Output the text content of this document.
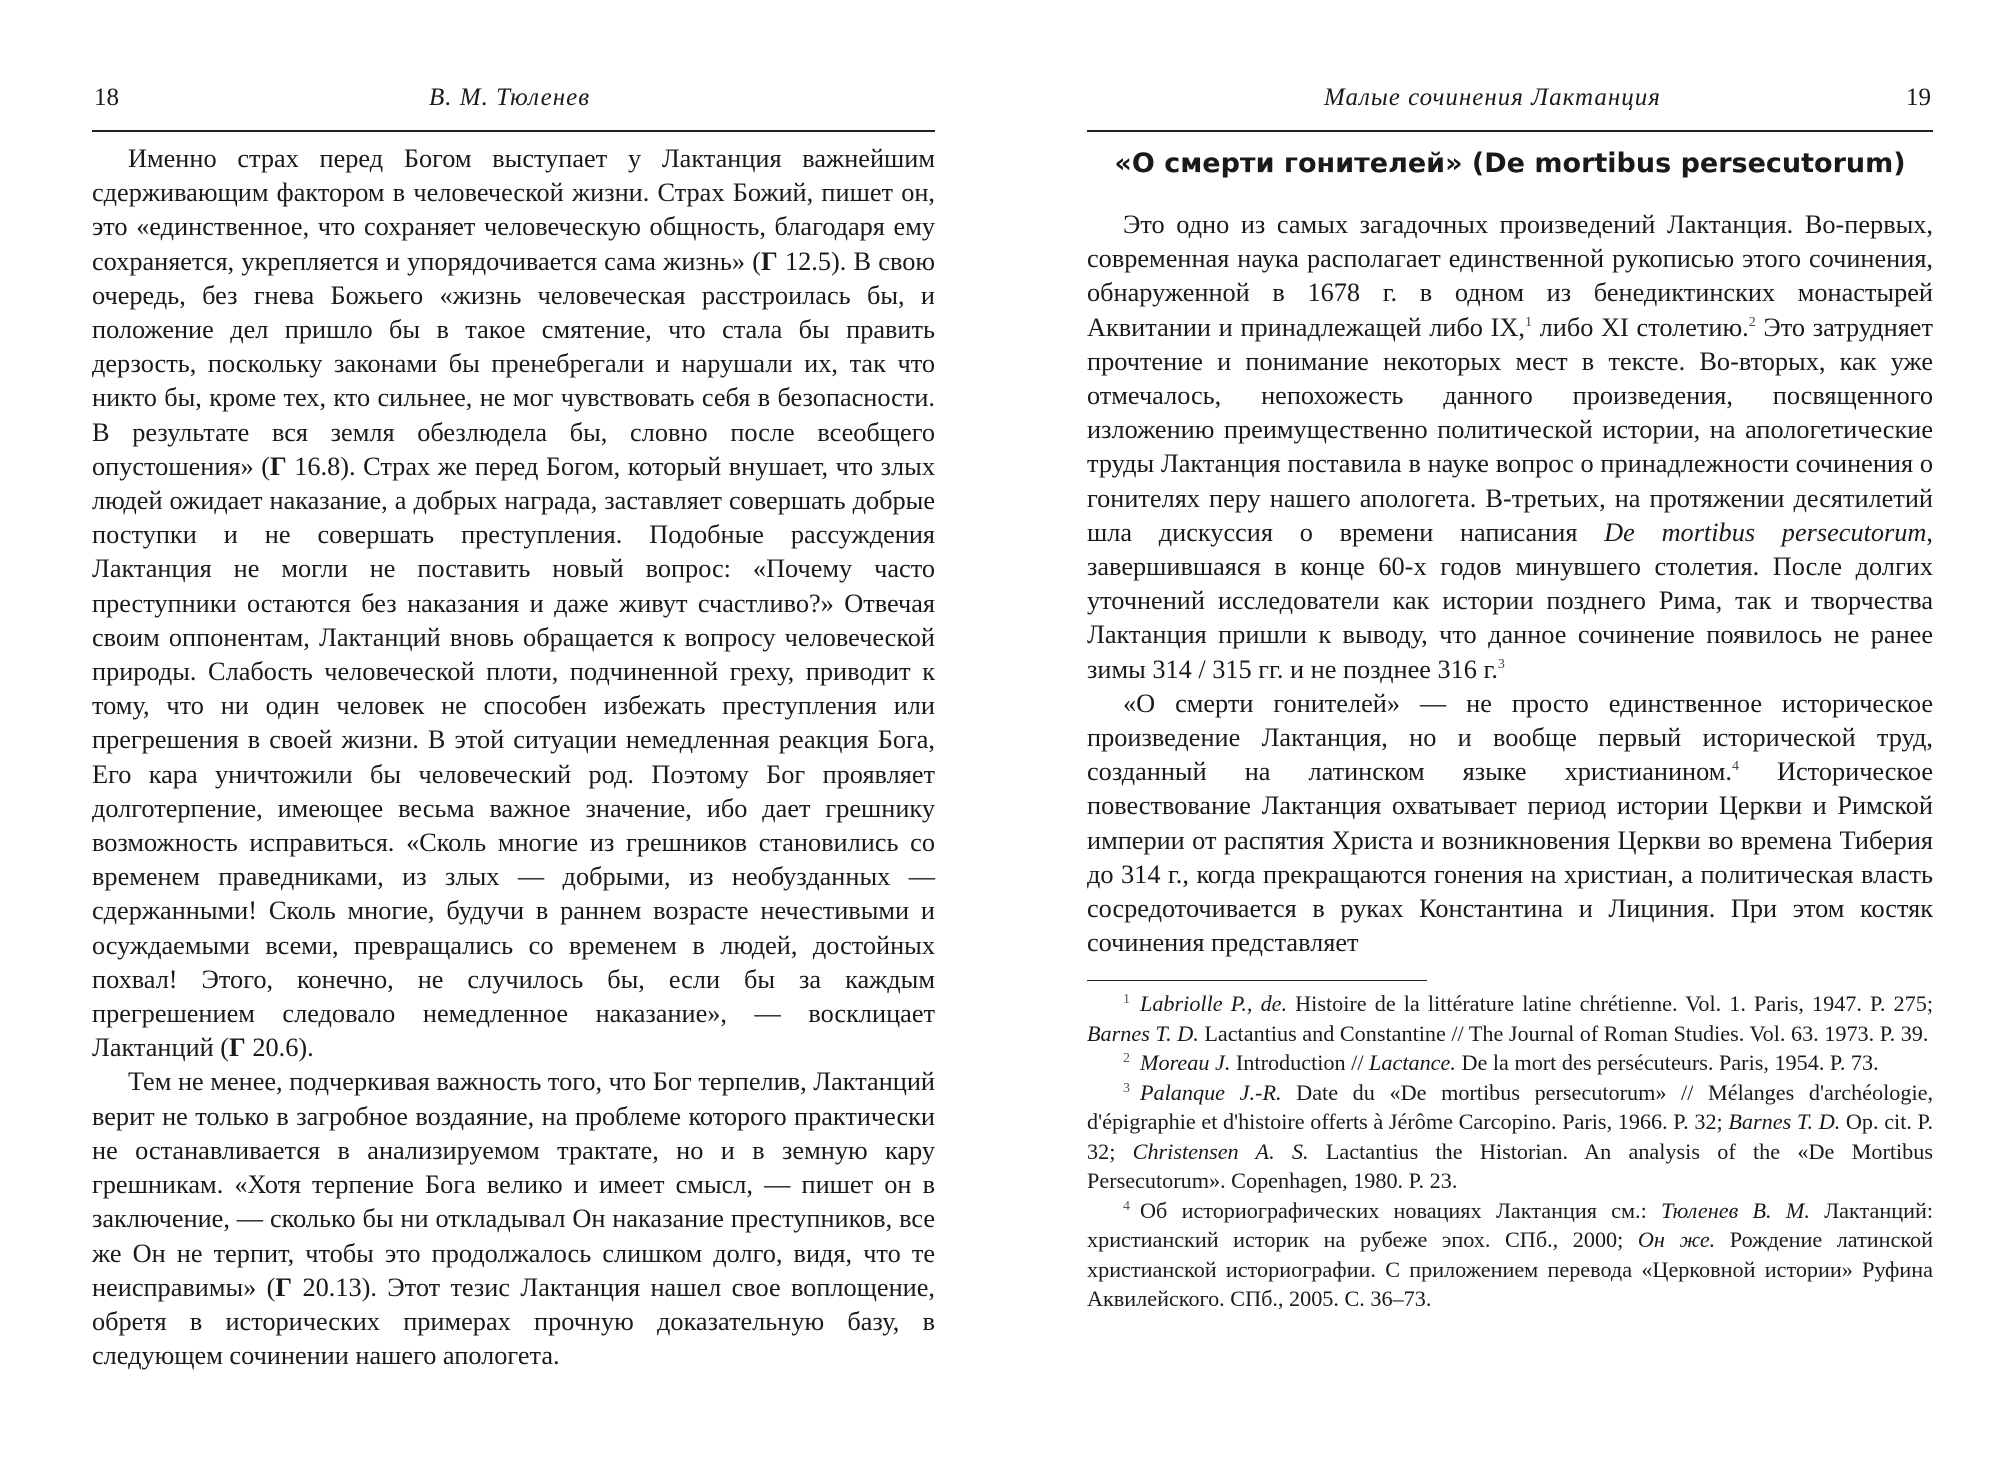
18	В. М. Тюленев

Именно страх перед Богом выступает у Лактанция важнейшим сдерживающим фактором в человеческой жизни. Страх Божий, пишет он, это «единственное, что сохраняет человеческую общность, благодаря ему сохраняется, укрепляется и упорядочивается сама жизнь» (Г 12.5). В свою очередь, без гнева Божьего «жизнь человеческая расстроилась бы, и положение дел пришло бы в такое смятение, что стала бы править дерзость, поскольку законами бы пренебрегали и нарушали их, так что никто бы, кроме тех, кто сильнее, не мог чувствовать себя в безопасности. В результате вся земля обезлюдела бы, словно после всеобщего опустошения» (Г 16.8). Страх же перед Богом, который внушает, что злых людей ожидает наказание, а добрых награда, заставляет совершать добрые поступки и не совершать преступления. Подобные рассуждения Лактанция не могли не поставить новый вопрос: «Почему часто преступники остаются без наказания и даже живут счастливо?» Отвечая своим оппонентам, Лактанций вновь обращается к вопросу человеческой природы. Слабость человеческой плоти, подчиненной греху, приводит к тому, что ни один человек не способен избежать преступления или прегрешения в своей жизни. В этой ситуации немедленная реакция Бога, Его кара уничтожили бы человеческий род. Поэтому Бог проявляет долготерпение, имеющее весьма важное значение, ибо дает грешнику возможность исправиться. «Сколь многие из грешников становились со временем праведниками, из злых — добрыми, из необузданных — сдержанными! Сколь многие, будучи в раннем возрасте нечестивыми и осуждаемыми всеми, превращались со временем в людей, достойных похвал! Этого, конечно, не случилось бы, если бы за каждым прегрешением следовало немедленное наказание», — восклицает Лактанций (Г 20.6).

Тем не менее, подчеркивая важность того, что Бог терпелив, Лактанций верит не только в загробное воздаяние, на проблеме которого практически не останавливается в анализируемом трактате, но и в земную кару грешникам. «Хотя терпение Бога велико и имеет смысл, — пишет он в заключение, — сколько бы ни откладывал Он наказание преступников, все же Он не терпит, чтобы это продолжалось слишком долго, видя, что те неисправимы» (Г 20.13). Этот тезис Лактанция нашел свое воплощение, обретя в исторических примерах прочную доказательную базу, в следующем сочинении нашего апологета.

Малые сочинения Лактанция	19
«О смерти гонителей» (De mortibus persecutorum)

Это одно из самых загадочных произведений Лактанция. Во-первых, современная наука располагает единственной рукописью этого сочинения, обнаруженной в 1678 г. в одном из бенедиктинских монастырей Аквитании и принадлежащей либо IX,$^1$ либо XI столетию.$^2$ Это затрудняет прочтение и понимание некоторых мест в тексте. Во-вторых, как уже отмечалось, непохожесть данного произведения, посвященного изложению преимущественно политической истории, на апологетические труды Лактанция поставила в науке вопрос о принадлежности сочинения о гонителях перу нашего апологета. В-третьих, на протяжении десятилетий шла дискуссия о времени написания De mortibus persecutorum, завершившаяся в конце 60-х годов минувшего столетия. После долгих уточнений исследователи как истории позднего Рима, так и творчества Лактанция пришли к выводу, что данное сочинение появилось не ранее зимы 314 / 315 гг. и не позднее 316 г.$^3$

«О смерти гонителей» — не просто единственное историческое произведение Лактанция, но и вообще первый исторической труд, созданный на латинском языке христианином.$^4$ Историческое повествование Лактанция охватывает период истории Церкви и Римской империи от распятия Христа и возникновения Церкви во времена Тиберия до 314 г., когда прекращаются гонения на христиан, а политическая власть сосредоточивается в руках Константина и Лициния. При этом костяк сочинения представляет

$^1$ Labriolle P., de. Histoire de la littérature latine chrétienne. Vol. 1. Paris, 1947. P. 275; Barnes T. D. Lactantius and Constantine // The Journal of Roman Studies. Vol. 63. 1973. P. 39.

$^2$ Moreau J. Introduction // Lactance. De la mort des persécuteurs. Paris, 1954. P. 73.

$^3$ Palanque J.-R. Date du «De mortibus persecutorum» // Mélanges d'archéologie, d'épigraphie et d'histoire offerts à Jérôme Carcopino. Paris, 1966. P. 32; Barnes T. D. Op. cit. P. 32; Christensen A. S. Lactantius the Historian. An analysis of the «De Mortibus Persecutorum». Copenhagen, 1980. P. 23.

$^4$ Об историографических новациях Лактанция см.: Тюленев В. М. Лактанций: христианский историк на рубеже эпох. СПб., 2000; Он же. Рождение латинской христианской историографии. С приложением перевода «Церковной истории» Руфина Аквилейского. СПб., 2005. С. 36–73.
